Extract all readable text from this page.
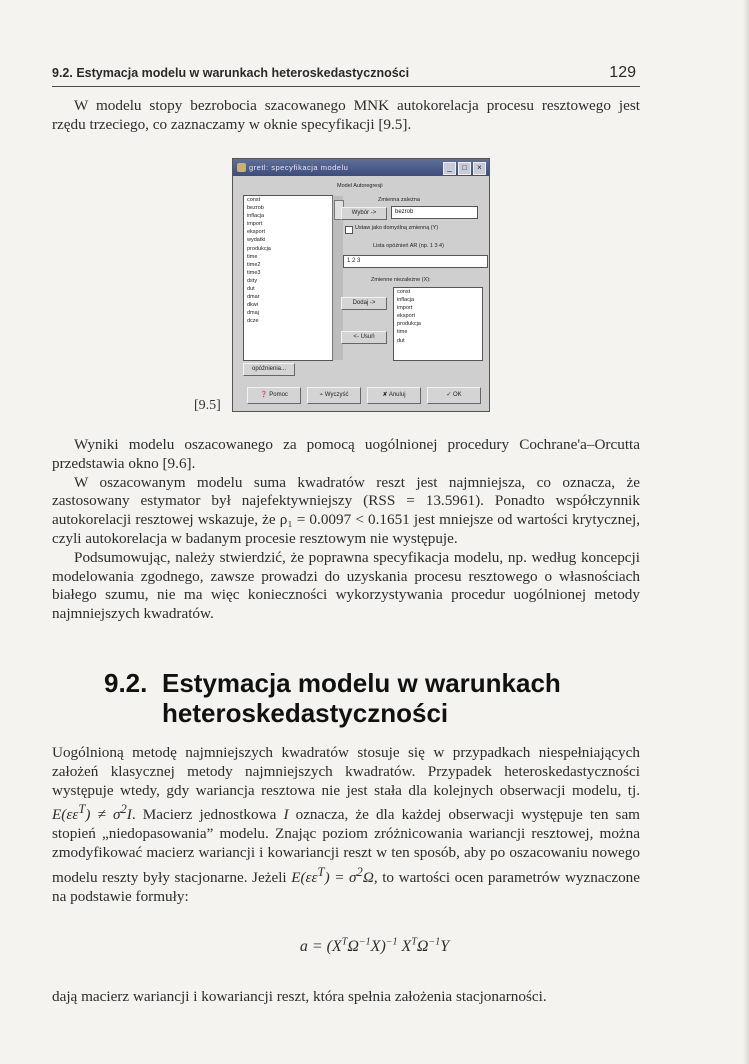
9.2. Estymacja modelu w warunkach heteroskedastyczności	129

W modelu stopy bezrobocia szacowanego MNK autokorelacja procesu resztowego jest rzędu trzeciego, co zaznaczamy w oknie specyfikacji [9.5].

gretl: specyfikacja modelu	_	□	×
Model Autoregresji
const
bezrob
inflacja
import
eksport
wydatki
produkcja
time
time2
time3
dsty
dut
dmar
dkwi
dmaj
dcze
Zmienna zależna
Wybór ->	bezrob
Ustaw jako domyślną zmienną (Y)
Lista opóźnień AR (np. 1 3 4)
1 2 3
Zmienne niezależne (X):
Dodaj ->
<- Usuń
const
inflacja
import
eksport
produkcja
time
dut
opóźnienia...
❓ Pomoc	⌁ Wyczyść	✘ Anuluj	✓ OK
[9.5]

Wyniki modelu oszacowanego za pomocą uogólnionej procedury Cochrane'a–Orcutta przedstawia okno [9.6].

W oszacowanym modelu suma kwadratów reszt jest najmniejsza, co oznacza, że zastosowany estymator był najefektywniejszy (RSS = 13.5961). Ponadto współczynnik autokorelacji resztowej wskazuje, że ρ₁ = 0.0097 < 0.1651 jest mniejsze od wartości krytycznej, czyli autokorelacja w badanym procesie resztowym nie występuje.

Podsumowując, należy stwierdzić, że poprawna specyfikacja modelu, np. według koncepcji modelowania zgodnego, zawsze prowadzi do uzyskania procesu resztowego o własnościach białego szumu, nie ma więc konieczności wykorzystywania procedur uogólnionej metody najmniejszych kwadratów.

9.2. Estymacja modelu w warunkach
heteroskedastyczności

Uogólnioną metodę najmniejszych kwadratów stosuje się w przypadkach niespełniających założeń klasycznej metody najmniejszych kwadratów. Przypadek heteroskedastyczności występuje wtedy, gdy wariancja resztowa nie jest stała dla kolejnych obserwacji modelu, tj. $E(\varepsilon\varepsilon^T) \ne \sigma^2I$. Macierz jednostkowa I oznacza, że dla każdej obserwacji występuje ten sam stopień „niedopasowania” modelu. Znając poziom zróżnicowania wariancji resztowej, można zmodyfikować macierz wariancji i kowariancji reszt w ten sposób, aby po oszacowaniu nowego modelu reszty były stacjonarne. Jeżeli $E(\varepsilon\varepsilon^T) = \sigma^2\Omega$, to wartości ocen parametrów wyznaczone na podstawie formuły:

$a = (X^T\Omega^{-1}X)^{-1}$ $X^T\Omega^{-1}Y$

dają macierz wariancji i kowariancji reszt, która spełnia założenia stacjonarności.
